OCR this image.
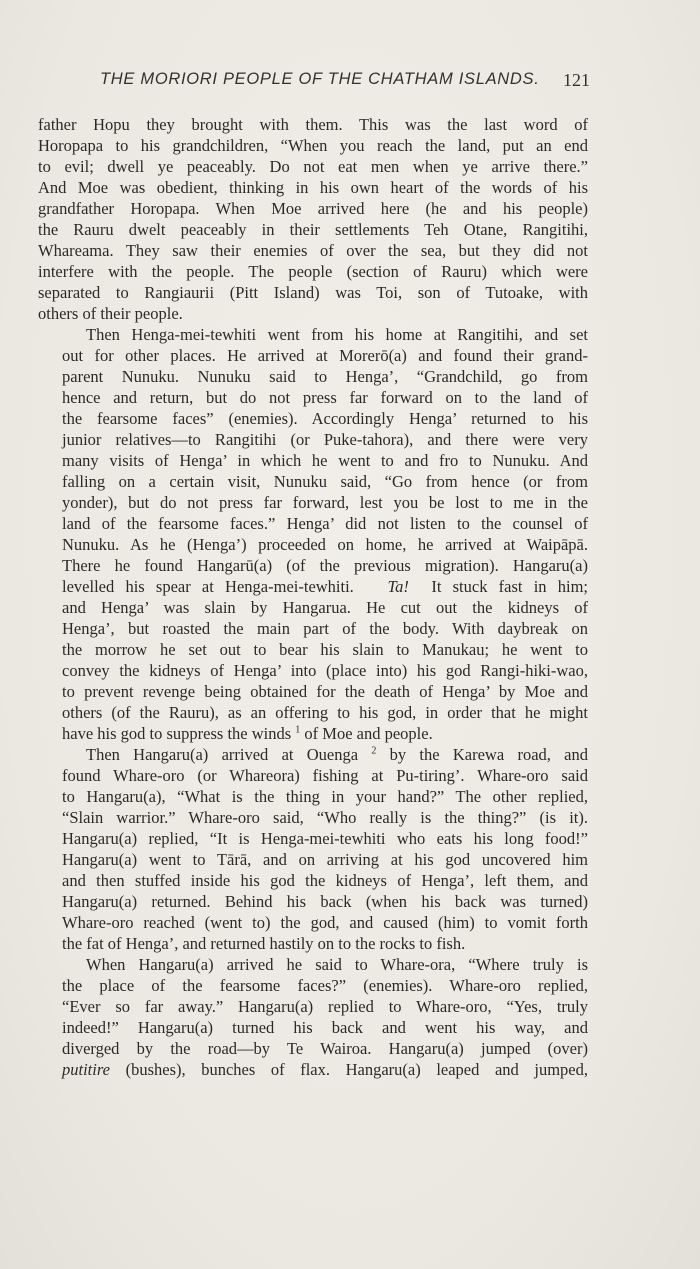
THE MORIORI PEOPLE OF THE CHATHAM ISLANDS. 121

father Hopu they brought with them. This was the last word of
Horopapa to his grandchildren, “When you reach the land, put an end
to evil; dwell ye peaceably. Do not eat men when ye arrive there.”
And Moe was obedient, thinking in his own heart of the words of his
grandfather Horopapa. When Moe arrived here (he and his people)
the Rauru dwelt peaceably in their settlements Teh Otane, Rangitihi,
Whareama. They saw their enemies of over the sea, but they did not
interfere with the people. The people (section of Rauru) which were
separated to Rangiaurii (Pitt Island) was Toi, son of Tutoake, with
others of their people.

Then Henga-mei-tewhiti went from his home at Rangitihi, and set
out for other places. He arrived at Morerō(a) and found their grand-
parent Nunuku. Nunuku said to Henga’, “Grandchild, go from
hence and return, but do not press far forward on to the land of
the fearsome faces” (enemies). Accordingly Henga’ returned to his
junior relatives—to Rangitihi (or Puke-tahora), and there were very
many visits of Henga’ in which he went to and fro to Nunuku. And
falling on a certain visit, Nunuku said, “Go from hence (or from
yonder), but do not press far forward, lest you be lost to me in the
land of the fearsome faces.” Henga’ did not listen to the counsel of
Nunuku. As he (Henga’) proceeded on home, he arrived at Waipāpā.
There he found Hangarū(a) (of the previous migration). Hangaru(a)
levelled his spear at Henga-mei-tewhiti. Ta! It stuck fast in him;
and Henga’ was slain by Hangarua. He cut out the kidneys of
Henga’, but roasted the main part of the body. With daybreak on
the morrow he set out to bear his slain to Manukau; he went to
convey the kidneys of Henga’ into (place into) his god Rangi-hiki-wao,
to prevent revenge being obtained for the death of Henga’ by Moe and
others (of the Rauru), as an offering to his god, in order that he might
have his god to suppress the winds $^1$ of Moe and people.

Then Hangaru(a) arrived at Ouenga $^2$ by the Karewa road, and
found Whare-oro (or Whareora) fishing at Pu-tiring’. Whare-oro said
to Hangaru(a), “What is the thing in your hand?” The other replied,
“Slain warrior.” Whare-oro said, “Who really is the thing?” (is it).
Hangaru(a) replied, “It is Henga-mei-tewhiti who eats his long food!”
Hangaru(a) went to Tārā, and on arriving at his god uncovered him
and then stuffed inside his god the kidneys of Henga’, left them, and
Hangaru(a) returned. Behind his back (when his back was turned)
Whare-oro reached (went to) the god, and caused (him) to vomit forth
the fat of Henga’, and returned hastily on to the rocks to fish.

When Hangaru(a) arrived he said to Whare-ora, “Where truly is
the place of the fearsome faces?” (enemies). Whare-oro replied,
“Ever so far away.” Hangaru(a) replied to Whare-oro, “Yes, truly
indeed!” Hangaru(a) turned his back and went his way, and
diverged by the road—by Te Wairoa. Hangaru(a) jumped (over)
putitire (bushes), bunches of flax. Hangaru(a) leaped and jumped,
